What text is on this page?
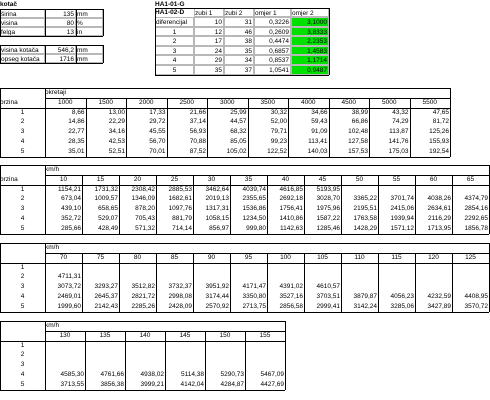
kotač
širina	135 mm
visina	80 %
felga	13 in
visina kotača	546,2 mm
opseg kotača	1716 mm
HA1-01-G
HA1-02-D	zubi 1	zubi 2	omjer 1	omjer 2
diferencijal	10	31	0,3226	3,1000
1	12	46	0,2609	3,8333
2	17	38	0,4474	2,2353
3	24	35	0,6857	1,4583
4	29	34	0,8537	1,1714
5	35	37	1,0541	0,9487
brzina
okretaji
1000	1500	2000	2500	3000	3500	4000	4500	5000	5500
1	8,66	13,00	17,33	21,66	25,99	30,32	34,66	38,99	43,32	47,65
2	14,86	22,29	29,72	37,14	44,57	52,00	59,43	66,86	74,29	81,72
3	22,77	34,16	45,55	56,93	68,32	79,71	91,09	102,48	113,87	125,26
4	28,35	42,53	56,70	70,88	85,05	99,23	113,41	127,58	141,76	155,93
5	35,01	52,51	70,01	87,52	105,02	122,52	140,03	157,53	175,03	192,54
brzina
km/h
10	15	20	25	30	35	40	45	50	55	60	65
1	1154,21	1731,32	2308,42	2885,53	3462,64	4039,74	4616,85	5193,95
2	673,04	1009,57	1346,09	1682,61	2019,13	2355,65	2692,18	3028,70	3365,22	3701,74	4038,26	4374,79
3	439,10	658,65	878,20	1097,76	1317,31	1536,86	1756,41	1975,96	2195,51	2415,06	2634,61	2854,16
4	352,72	529,07	705,43	881,79	1058,15	1234,50	1410,86	1587,22	1763,58	1939,94	2116,29	2292,65
5	285,66	428,49	571,32	714,14	856,97	999,80	1142,63	1285,46	1428,29	1571,12	1713,95	1856,78
km/h
70	75	80	85	90	95	100	105	110	115	120	125
1
2	4711,31
3	3073,72	3293,27	3512,82	3732,37	3951,92	4171,47	4391,02	4610,57
4	2469,01	2645,37	2821,72	2998,08	3174,44	3350,80	3527,16	3703,51	3879,87	4056,23	4232,59	4408,95
5	1999,60	2142,43	2285,26	2428,09	2570,92	2713,75	2856,58	2999,41	3142,24	3285,06	3427,89	3570,72
km/h
130	135	140	145	150	155
1
2
3
4	4585,30	4761,66	4938,02	5114,38	5290,73	5467,09
5	3713,55	3856,38	3999,21	4142,04	4284,87	4427,69
